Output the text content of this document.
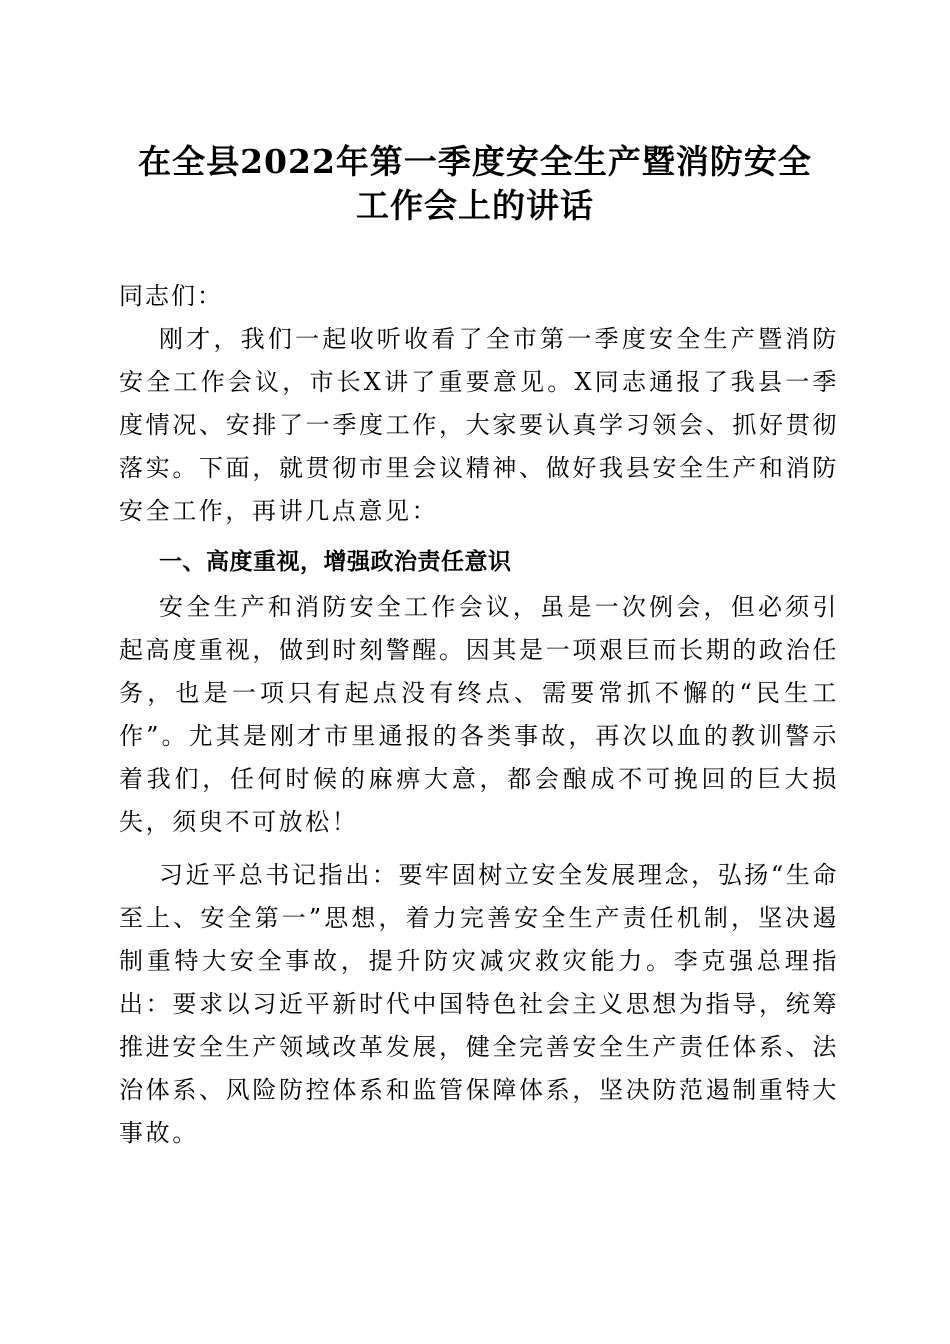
在全县2022年第一季度安全生产暨消防安全
工作会上的讲话

同志们：

刚才，我们一起收听收看了全市第一季度安全生产暨消防安全工作会议，市长X讲了重要意见。X同志通报了我县一季度情况、安排了一季度工作，大家要认真学习领会、抓好贯彻落实。下面，就贯彻市里会议精神、做好我县安全生产和消防安全工作，再讲几点意见：

一、高度重视，增强政治责任意识

安全生产和消防安全工作会议，虽是一次例会，但必须引起高度重视，做到时刻警醒。因其是一项艰巨而长期的政治任务，也是一项只有起点没有终点、需要常抓不懈的“民生工作”。尤其是刚才市里通报的各类事故，再次以血的教训警示着我们，任何时候的麻痹大意，都会酿成不可挽回的巨大损失，须臾不可放松！

习近平总书记指出：要牢固树立安全发展理念，弘扬“生命至上、安全第一”思想，着力完善安全生产责任机制，坚决遏制重特大安全事故，提升防灾减灾救灾能力。李克强总理指出：要求以习近平新时代中国特色社会主义思想为指导，统筹推进安全生产领域改革发展，健全完善安全生产责任体系、法治体系、风险防控体系和监管保障体系，坚决防范遏制重特大事故。
